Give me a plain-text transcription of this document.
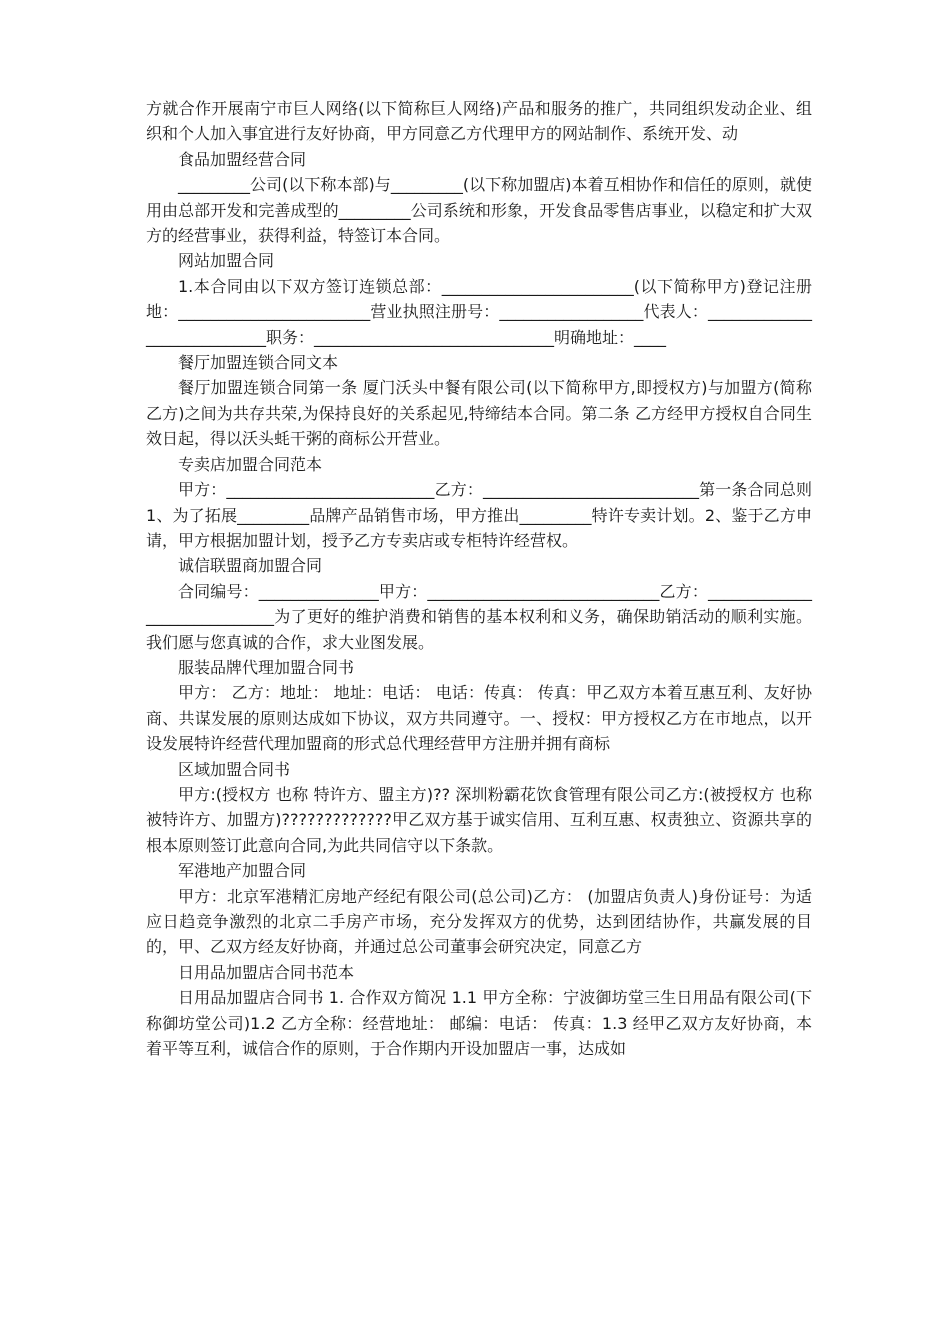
方就合作开展南宁市巨人网络(以下简称巨人网络)产品和服务的推广，共同组织发动企业、组织和个人加入事宜进行友好协商，甲方同意乙方代理甲方的网站制作、系统开发、动

食品加盟经营合同

_________公司(以下称本部)与_________(以下称加盟店)本着互相协作和信任的原则，就使用由总部开发和完善成型的_________公司系统和形象，开发食品零售店事业，以稳定和扩大双方的经营事业，获得利益，特签订本合同。

网站加盟合同

1.本合同由以下双方签订连锁总部：________________________(以下简称甲方)登记注册地：________________________营业执照注册号：__________________代表人：____________________________职务：______________________________明确地址：____

餐厅加盟连锁合同文本

餐厅加盟连锁合同第一条 厦门沃头中餐有限公司(以下简称甲方,即授权方)与加盟方(简称乙方)之间为共存共荣,为保持良好的关系起见,特缔结本合同。第二条 乙方经甲方授权自合同生效日起，得以沃头蚝干粥的商标公开营业。

专卖店加盟合同范本

甲方：__________________________乙方：___________________________第一条合同总则 1、为了拓展_________品牌产品销售市场，甲方推出_________特许专卖计划。2、鉴于乙方申请，甲方根据加盟计划，授予乙方专卖店或专柜特许经营权。

诚信联盟商加盟合同

合同编号：_______________甲方：_____________________________乙方：_____________________________为了更好的维护消费和销售的基本权利和义务，确保助销活动的顺利实施。我们愿与您真诚的合作，求大业图发展。

服装品牌代理加盟合同书

甲方： 乙方：地址： 地址：电话： 电话：传真： 传真：甲乙双方本着互惠互利、友好协商、共谋发展的原则达成如下协议，双方共同遵守。一、授权：甲方授权乙方在市地点，以开设发展特许经营代理加盟商的形式总代理经营甲方注册并拥有商标

区域加盟合同书

甲方:(授权方 也称 特许方、盟主方)?? 深圳粉霸花饮食管理有限公司乙方:(被授权方 也称 被特许方、加盟方)?????????????甲乙双方基于诚实信用、互利互惠、权责独立、资源共享的根本原则签订此意向合同,为此共同信守以下条款。

军港地产加盟合同

甲方：北京军港精汇房地产经纪有限公司(总公司)乙方： (加盟店负责人)身份证号：为适应日趋竞争激烈的北京二手房产市场，充分发挥双方的优势，达到团结协作，共赢发展的目的，甲、乙双方经友好协商，并通过总公司董事会研究决定，同意乙方

日用品加盟店合同书范本

日用品加盟店合同书 1. 合作双方简况 1.1 甲方全称：宁波御坊堂三生日用品有限公司(下称御坊堂公司)1.2 乙方全称：经营地址： 邮编：电话： 传真：1.3 经甲乙双方友好协商，本着平等互利，诚信合作的原则，于合作期内开设加盟店一事，达成如
